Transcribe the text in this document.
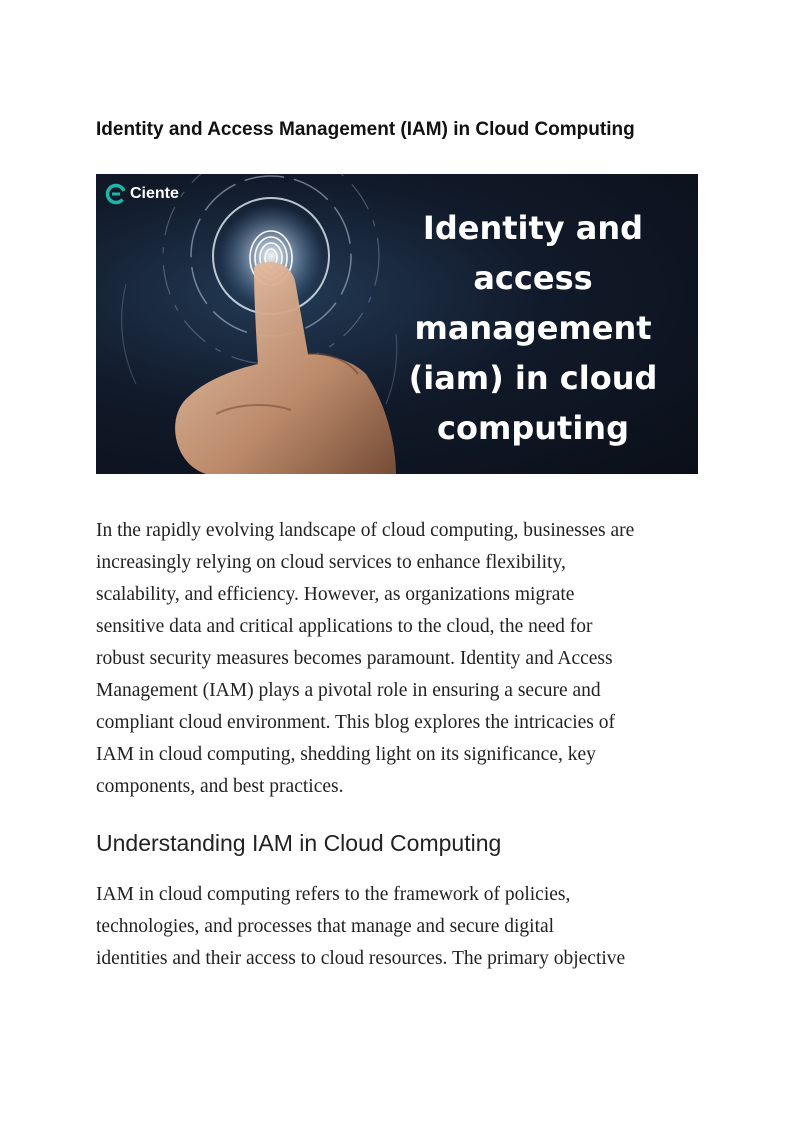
Identity and Access Management (IAM) in Cloud Computing
Ciente
Identity and
access
management
(iam) in cloud
computing

In the rapidly evolving landscape of cloud computing, businesses are
increasingly relying on cloud services to enhance flexibility,
scalability, and efficiency. However, as organizations migrate
sensitive data and critical applications to the cloud, the need for
robust security measures becomes paramount. Identity and Access
Management (IAM) plays a pivotal role in ensuring a secure and
compliant cloud environment. This blog explores the intricacies of
IAM in cloud computing, shedding light on its significance, key
components, and best practices.

Understanding IAM in Cloud Computing

IAM in cloud computing refers to the framework of policies,
technologies, and processes that manage and secure digital
identities and their access to cloud resources. The primary objective
